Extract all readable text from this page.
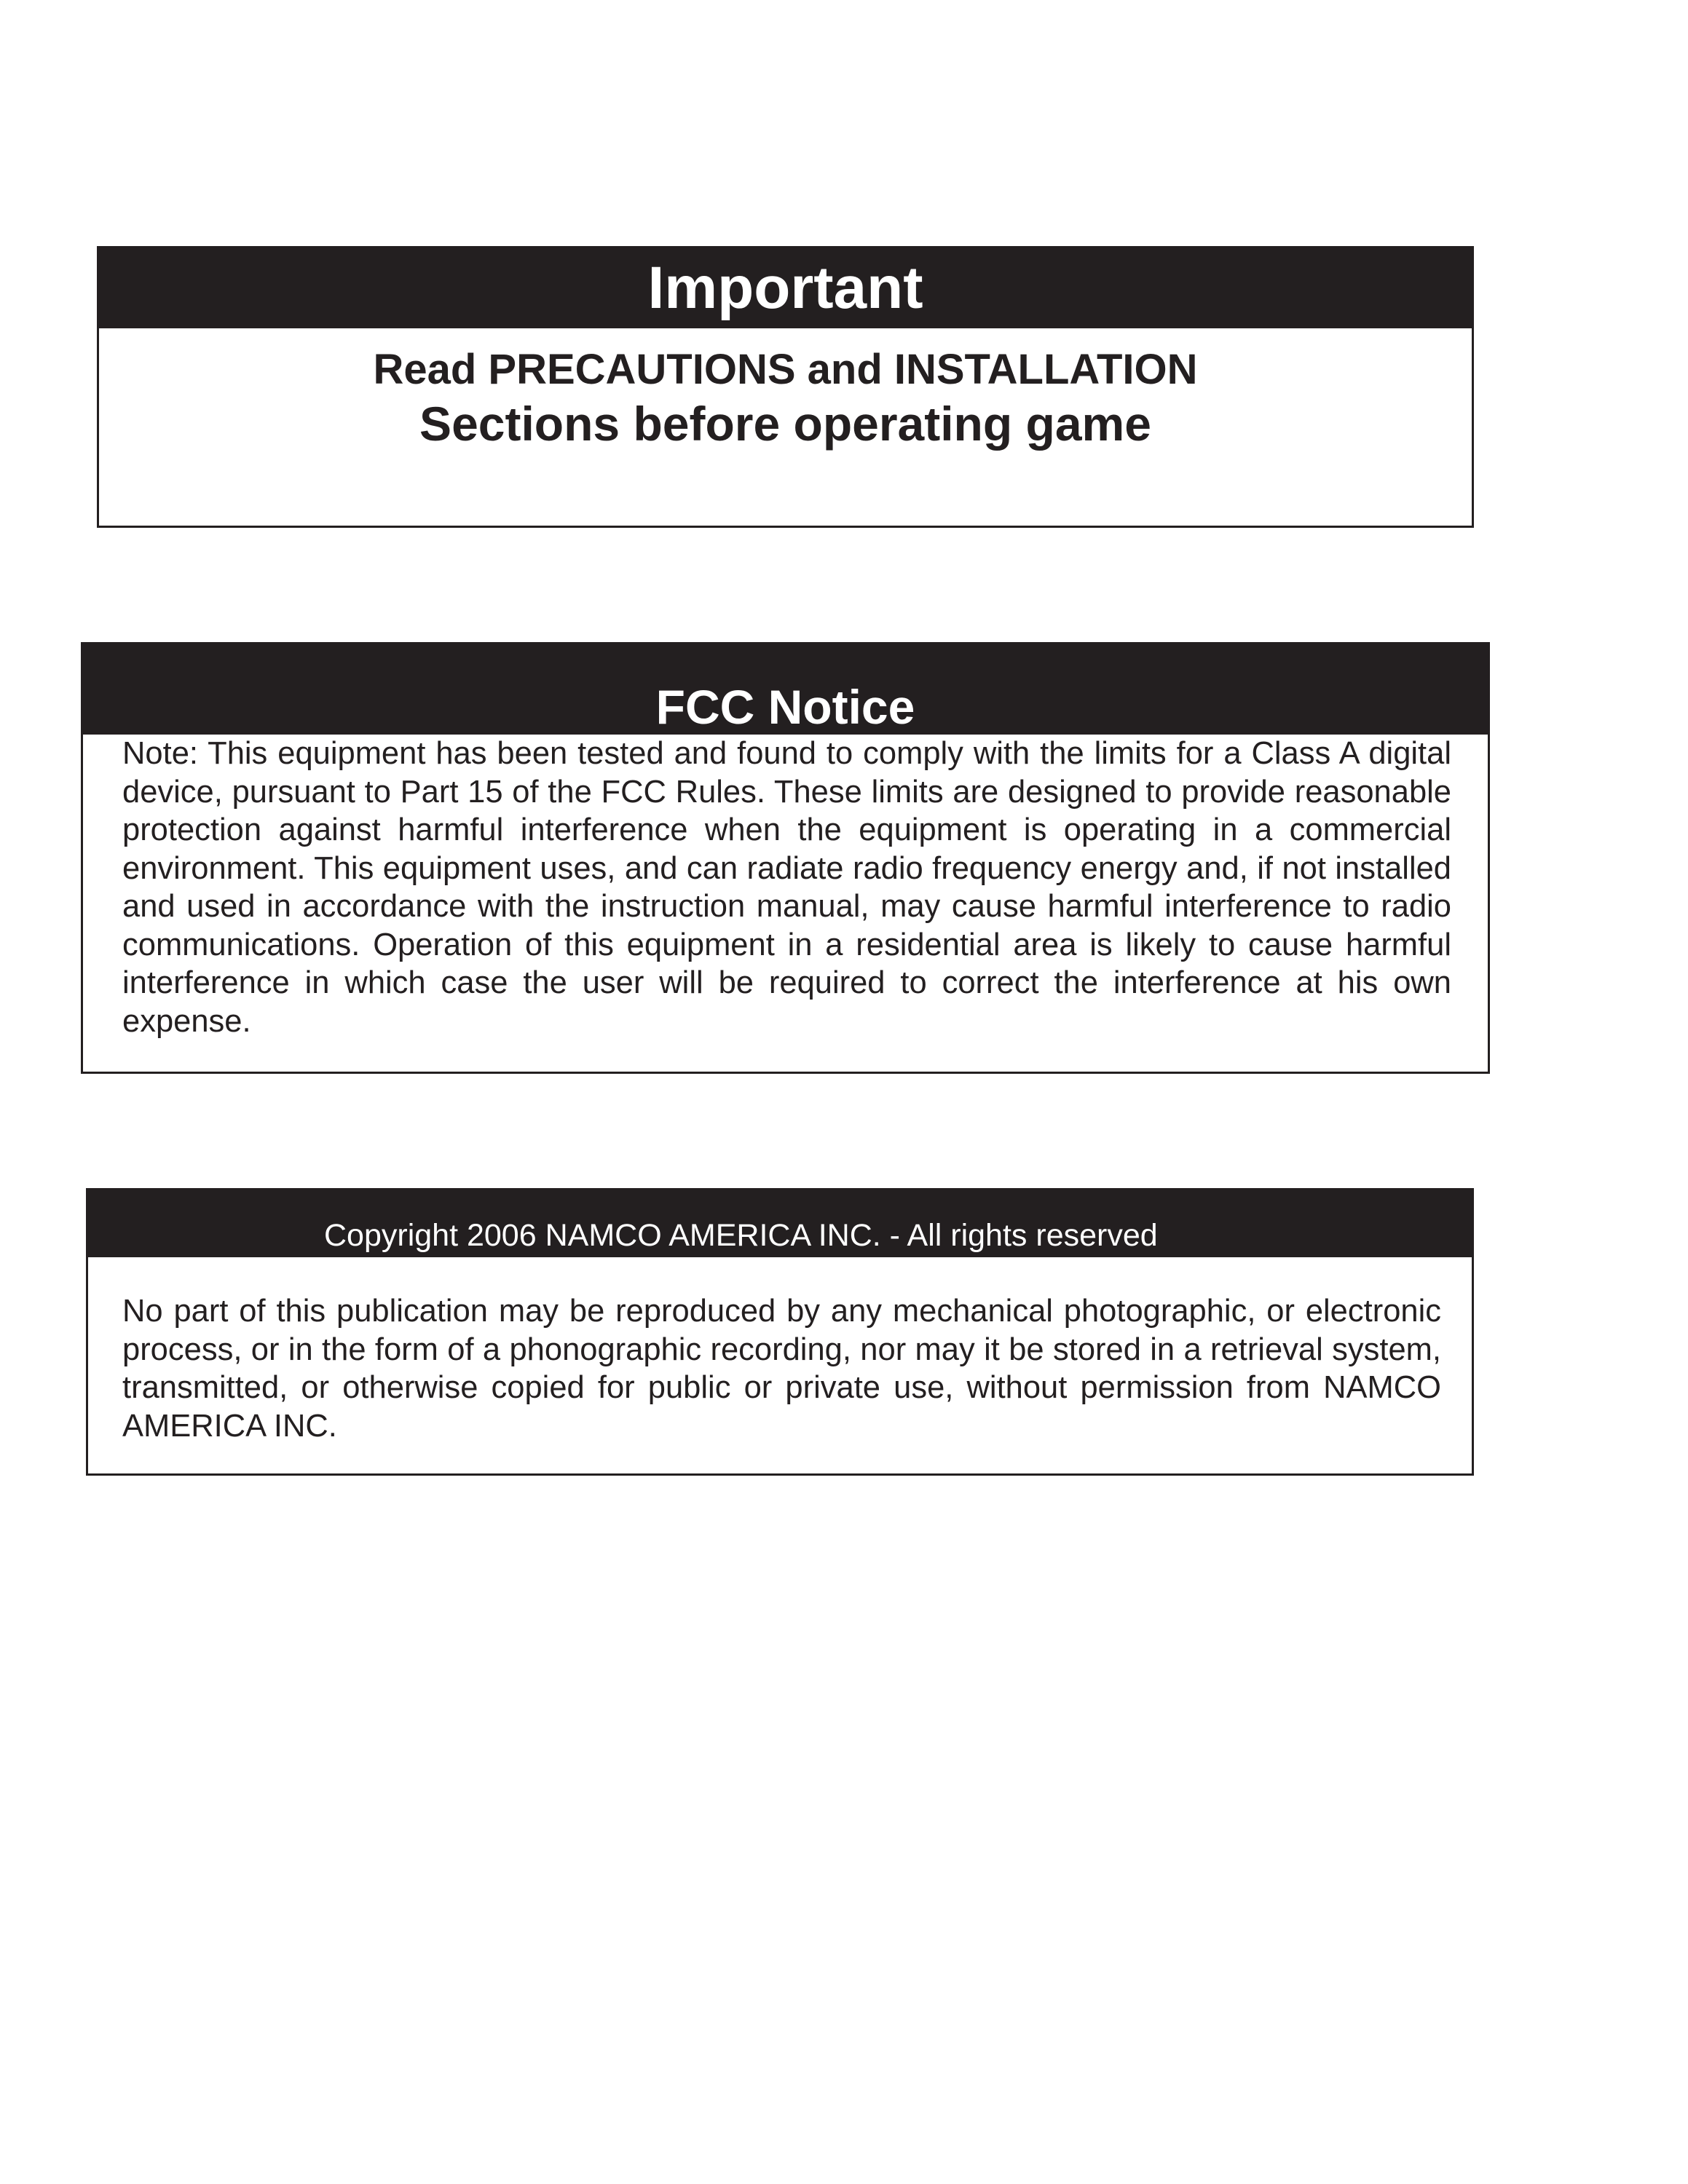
Important
Read PRECAUTIONS and INSTALLATION
Sections before operating game
FCC Notice
Note: This equipment has been tested and found to comply with the limits for a Class A digital device, pursuant to Part 15 of the FCC Rules. These limits are designed to provide reasonable protection against harmful interference when the equipment is operating in a commercial environment. This equipment uses, and can radiate radio frequency energy and, if not installed and used in accordance with the instruction manual, may cause harmful interference to radio communications. Operation of this equipment in a residential area is likely to cause harmful interference in which case the user will be required to correct the interference at his own expense.
Copyright 2006 NAMCO AMERICA INC. - All rights reserved
No part of this publication may be reproduced by any mechanical photographic, or electronic process, or in the form of a phonographic recording, nor may it be stored in a retrieval system, transmitted, or otherwise copied for public or private use, without permission from NAMCO AMERICA INC.
